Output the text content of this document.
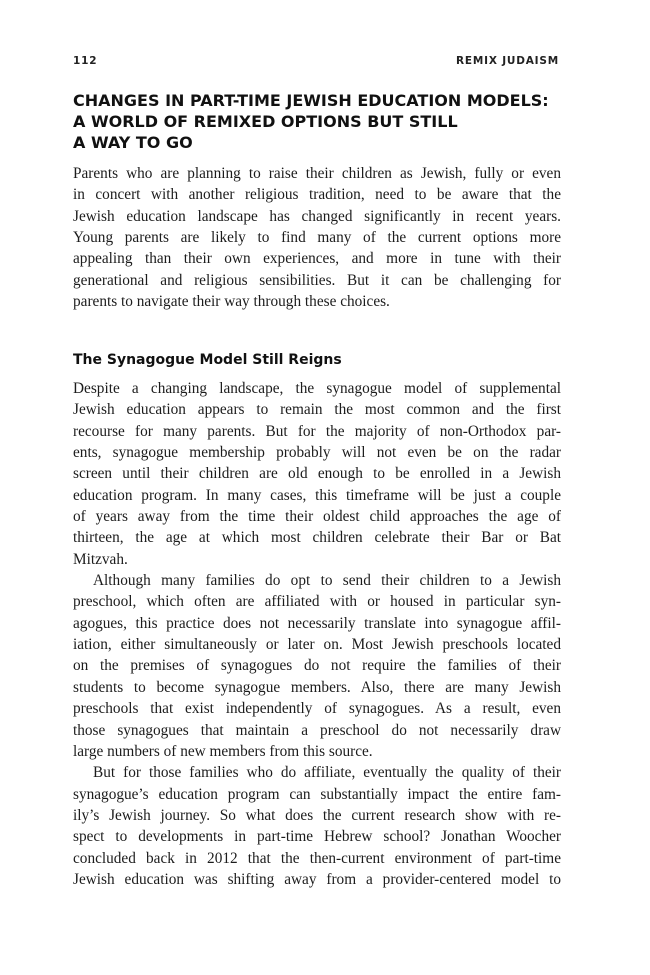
112	REMIX JUDAISM
CHANGES IN PART-TIME JEWISH EDUCATION MODELS:
A WORLD OF REMIXED OPTIONS BUT STILL
A WAY TO GO
Parents who are planning to raise their children as Jewish, fully or even
in concert with another religious tradition, need to be aware that the
Jewish education landscape has changed significantly in recent years.
Young parents are likely to find many of the current options more
appealing than their own experiences, and more in tune with their
generational and religious sensibilities. But it can be challenging for
parents to navigate their way through these choices.
The Synagogue Model Still Reigns
Despite a changing landscape, the synagogue model of supplemental
Jewish education appears to remain the most common and the first
recourse for many parents. But for the majority of non-Orthodox par-
ents, synagogue membership probably will not even be on the radar
screen until their children are old enough to be enrolled in a Jewish
education program. In many cases, this timeframe will be just a couple
of years away from the time their oldest child approaches the age of
thirteen, the age at which most children celebrate their Bar or Bat
Mitzvah.
Although many families do opt to send their children to a Jewish
preschool, which often are affiliated with or housed in particular syn-
agogues, this practice does not necessarily translate into synagogue affil-
iation, either simultaneously or later on. Most Jewish preschools located
on the premises of synagogues do not require the families of their
students to become synagogue members. Also, there are many Jewish
preschools that exist independently of synagogues. As a result, even
those synagogues that maintain a preschool do not necessarily draw
large numbers of new members from this source.
But for those families who do affiliate, eventually the quality of their
synagogue’s education program can substantially impact the entire fam-
ily’s Jewish journey. So what does the current research show with re-
spect to developments in part-time Hebrew school? Jonathan Woocher
concluded back in 2012 that the then-current environment of part-time
Jewish education was shifting away from a provider-centered model to
